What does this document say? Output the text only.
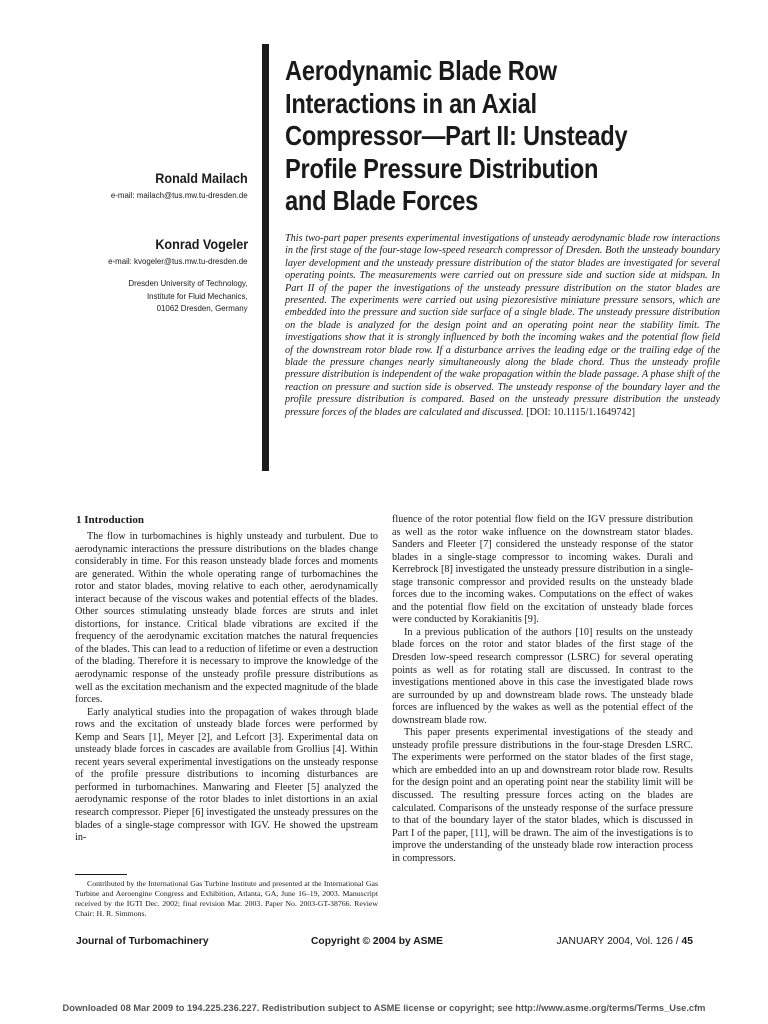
Aerodynamic Blade Row
Interactions in an Axial
Compressor—Part II: Unsteady
Profile Pressure Distribution
and Blade Forces
Ronald Mailach
e-mail: mailach@tus.mw.tu-dresden.de
Konrad Vogeler
e-mail: kvogeler@tus.mw.tu-dresden.de
Dresden University of Technology,
Institute for Fluid Mechanics,
01062 Dresden, Germany
This two-part paper presents experimental investigations of unsteady aerodynamic blade row interactions in the first stage of the four-stage low-speed research compressor of Dresden. Both the unsteady boundary layer development and the unsteady pressure distribution of the stator blades are investigated for several operating points. The measurements were carried out on pressure side and suction side at midspan. In Part II of the paper the investigations of the unsteady pressure distribution on the stator blades are presented. The experiments were carried out using piezoresistive miniature pressure sensors, which are embedded into the pressure and suction side surface of a single blade. The unsteady pressure distribution on the blade is analyzed for the design point and an operating point near the stability limit. The investigations show that it is strongly influenced by both the incoming wakes and the potential flow field of the downstream rotor blade row. If a disturbance arrives the leading edge or the trailing edge of the blade the pressure changes nearly simultaneously along the blade chord. Thus the unsteady profile pressure distribution is independent of the wake propagation within the blade passage. A phase shift of the reaction on pressure and suction side is observed. The unsteady response of the boundary layer and the profile pressure distribution is compared. Based on the unsteady pressure distribution the unsteady pressure forces of the blades are calculated and discussed. [DOI: 10.1115/1.1649742]
1 Introduction

The flow in turbomachines is highly unsteady and turbulent. Due to aerodynamic interactions the pressure distributions on the blades change considerably in time. For this reason unsteady blade forces and moments are generated. Within the whole operating range of turbomachines the rotor and stator blades, moving relative to each other, aerodynamically interact because of the viscous wakes and potential effects of the blades. Other sources stimulating unsteady blade forces are struts and inlet distortions, for instance. Critical blade vibrations are excited if the frequency of the aerodynamic excitation matches the natural frequencies of the blades. This can lead to a reduction of lifetime or even a destruction of the blading. Therefore it is necessary to improve the knowledge of the aerodynamic response of the unsteady profile pressure distributions as well as the excitation mechanism and the expected magnitude of the blade forces.

Early analytical studies into the propagation of wakes through blade rows and the excitation of unsteady blade forces were performed by Kemp and Sears [1], Meyer [2], and Lefcort [3]. Experimental data on unsteady blade forces in cascades are available from Grollius [4]. Within recent years several experimental investigations on the unsteady response of the profile pressure distributions to incoming disturbances are performed in turbomachines. Manwaring and Fleeter [5] analyzed the aerodynamic response of the rotor blades to inlet distortions in an axial research compressor. Pieper [6] investigated the unsteady pressures on the blades of a single-stage compressor with IGV. He showed the upstream in-

Contributed by the International Gas Turbine Institute and presented at the International Gas Turbine and Aeroengine Congress and Exhibition, Atlanta, GA, June 16–19, 2003. Manuscript received by the IGTI Dec. 2002; final revision Mar. 2003. Paper No. 2003-GT-38766. Review Chair: H. R. Simmons.

fluence of the rotor potential flow field on the IGV pressure distribution as well as the rotor wake influence on the downstream stator blades. Sanders and Fleeter [7] considered the unsteady response of the stator blades in a single-stage compressor to incoming wakes. Durali and Kerrebrock [8] investigated the unsteady pressure distribution in a single-stage transonic compressor and provided results on the unsteady blade forces due to the incoming wakes. Computations on the effect of wakes and the potential flow field on the excitation of unsteady blade forces were conducted by Korakianitis [9].

In a previous publication of the authors [10] results on the unsteady blade forces on the rotor and stator blades of the first stage of the Dresden low-speed research compressor (LSRC) for several operating points as well as for rotating stall are discussed. In contrast to the investigations mentioned above in this case the investigated blade rows are surrounded by up and downstream blade rows. The unsteady blade forces are influenced by the wakes as well as the potential effect of the downstream blade row.

This paper presents experimental investigations of the steady and unsteady profile pressure distributions in the four-stage Dresden LSRC. The experiments were performed on the stator blades of the first stage, which are embedded into an up and downstream rotor blade row. Results for the design point and an operating point near the stability limit will be discussed. The resulting pressure forces acting on the blades are calculated. Comparisons of the unsteady response of the surface pressure to that of the boundary layer of the stator blades, which is discussed in Part I of the paper, [11], will be drawn. The aim of the investigations is to improve the understanding of the unsteady blade row interaction process in compressors.

Journal of Turbomachinery	Copyright © 2004 by ASME	JANUARY 2004, Vol. 126 / 45
Downloaded 08 Mar 2009 to 194.225.236.227. Redistribution subject to ASME license or copyright; see http://www.asme.org/terms/Terms_Use.cfm
